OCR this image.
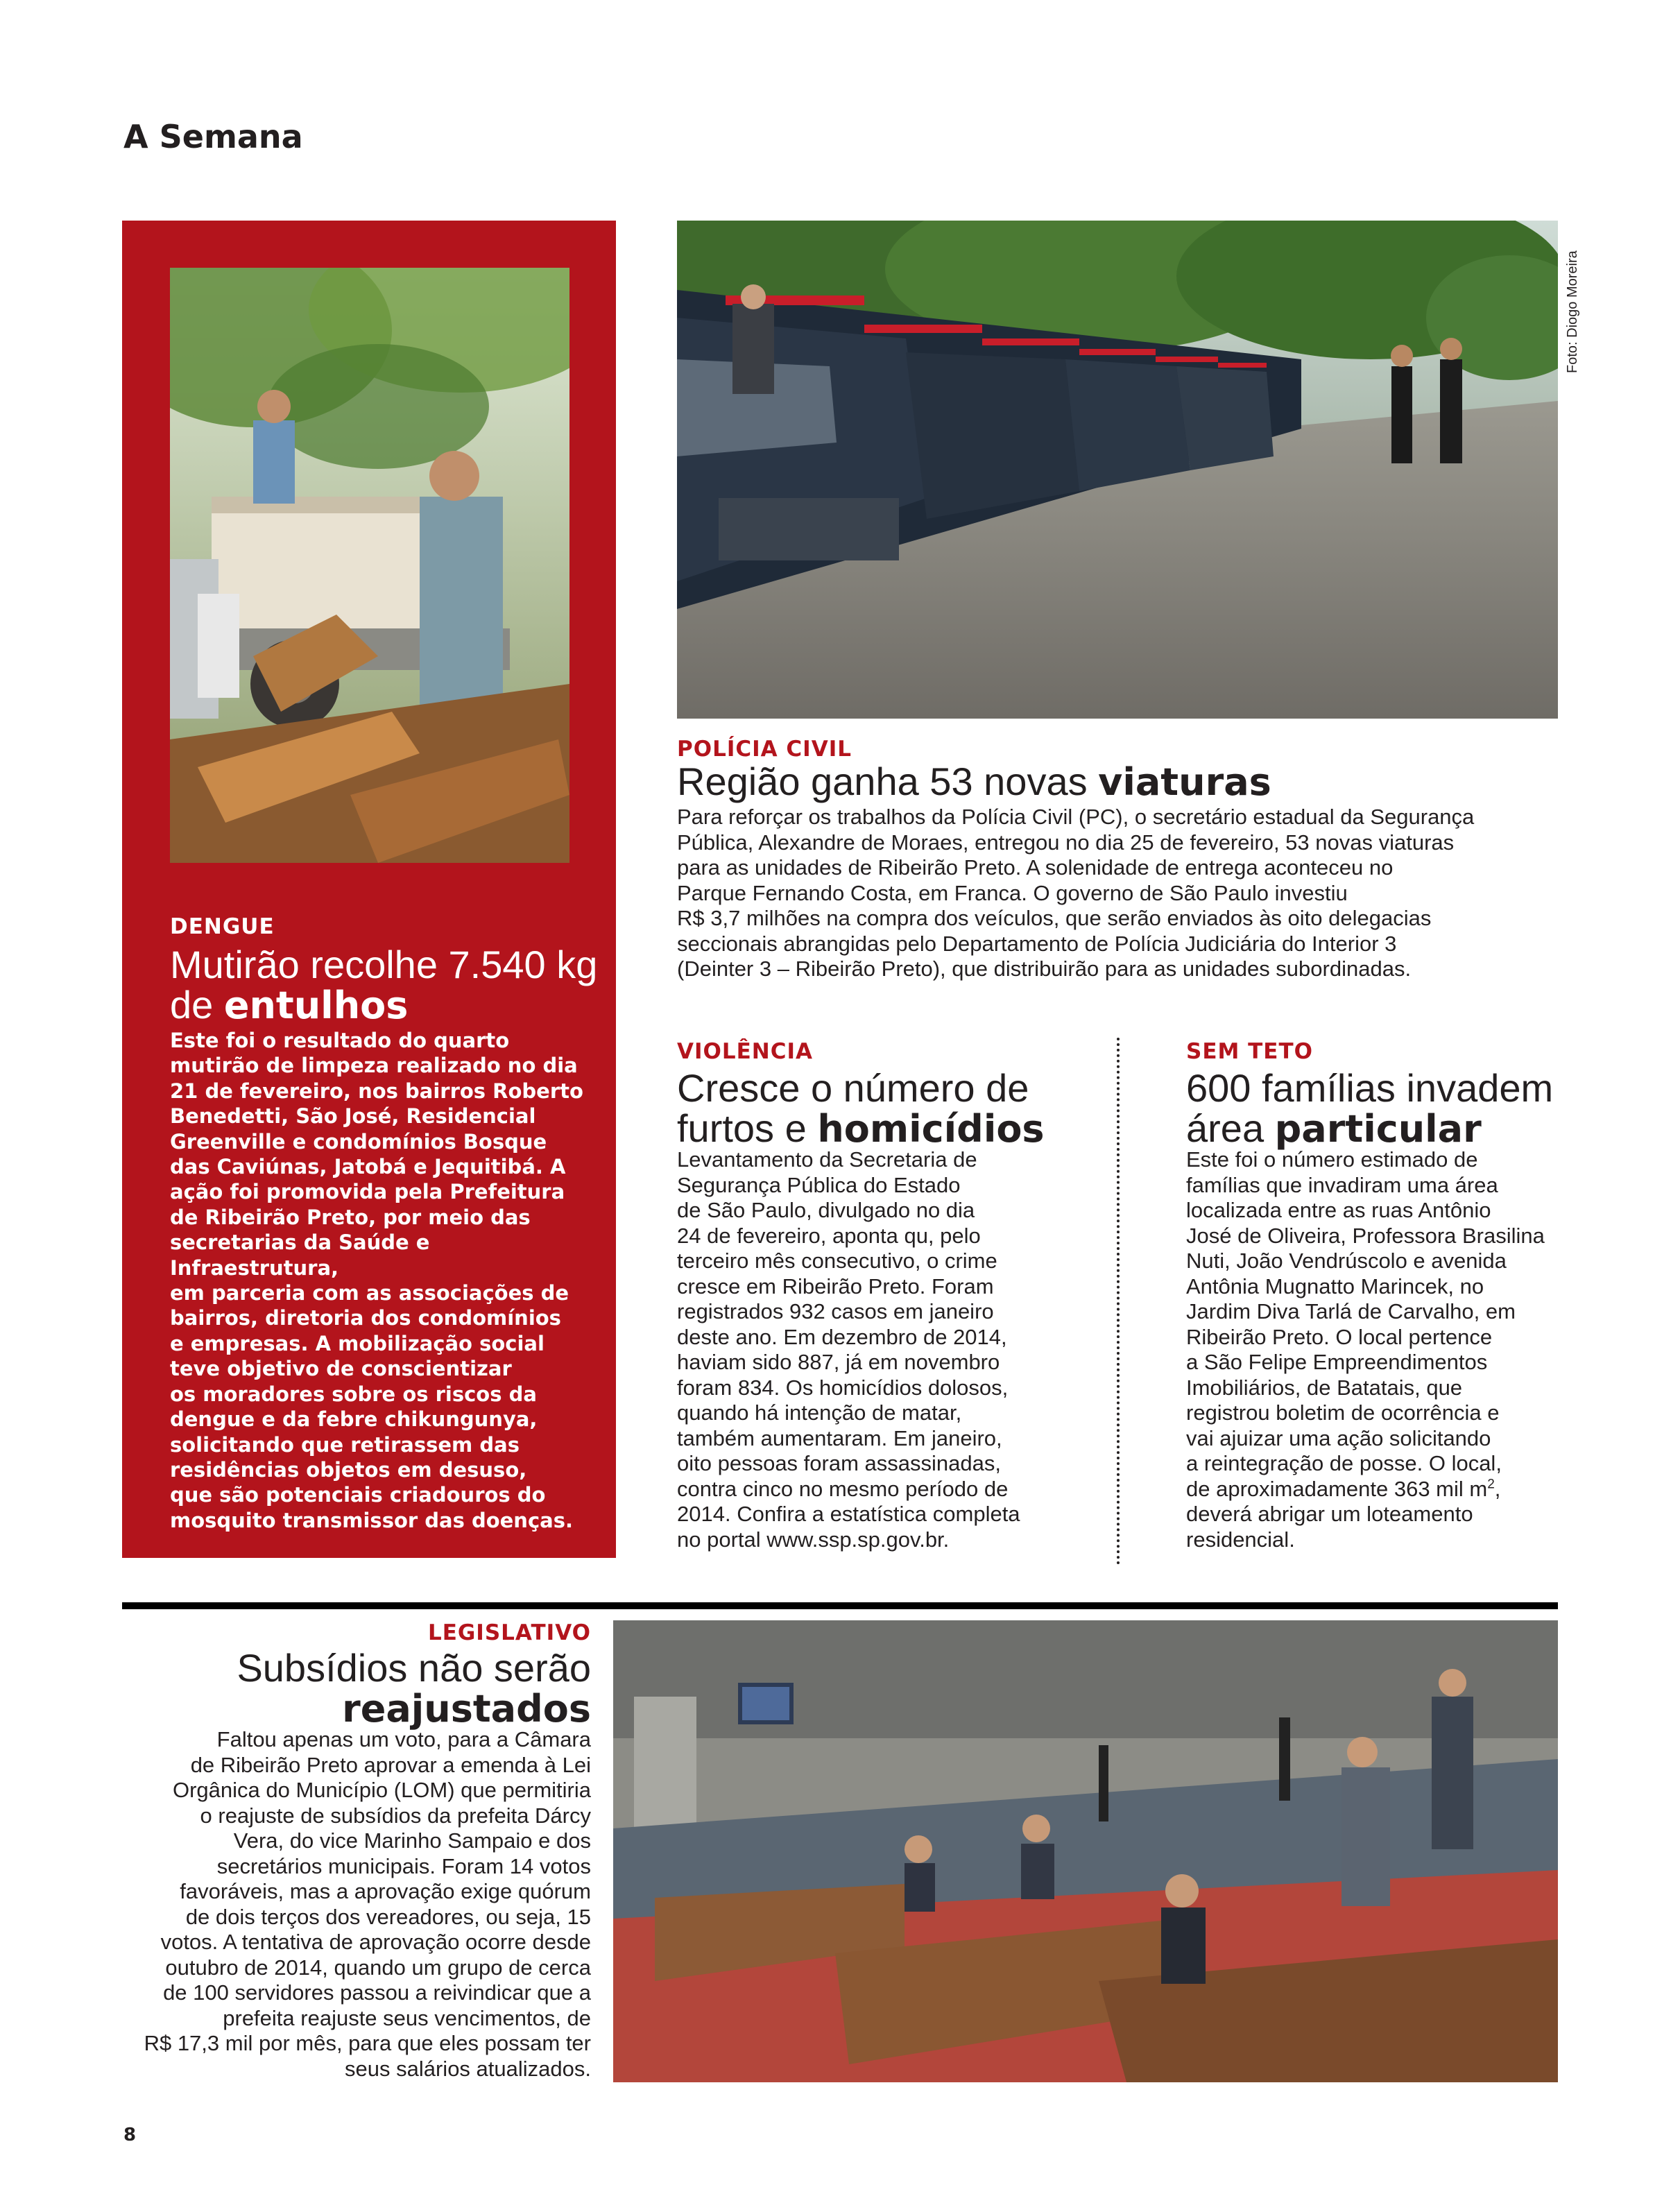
A Semana
DENGUE
Mutirão recolhe 7.540 kg
de entulhos

Este foi o resultado do quarto

mutirão de limpeza realizado no dia

21 de fevereiro, nos bairros Roberto

Benedetti, São José, Residencial

Greenville e condomínios Bosque

das Caviúnas, Jatobá e Jequitibá. A

ação foi promovida pela Prefeitura

de Ribeirão Preto, por meio das

secretarias da Saúde e Infraestrutura,

em parceria com as associações de

bairros, diretoria dos condomínios

e empresas. A mobilização social

teve objetivo de conscientizar

os moradores sobre os riscos da

dengue e da febre chikungunya,

solicitando que retirassem das

residências objetos em desuso,

que são potenciais criadouros do

mosquito transmissor das doenças.

Foto: Diogo Moreira
POLÍCIA CIVIL
Região ganha 53 novas viaturas

Para reforçar os trabalhos da Polícia Civil (PC), o secretário estadual da Segurança

Pública, Alexandre de Moraes, entregou no dia 25 de fevereiro, 53 novas viaturas

para as unidades de Ribeirão Preto. A solenidade de entrega aconteceu no

Parque Fernando Costa, em Franca. O governo de São Paulo investiu

R$ 3,7 milhões na compra dos veículos, que serão enviados às oito delegacias

seccionais abrangidas pelo Departamento de Polícia Judiciária do Interior 3

(Deinter 3 – Ribeirão Preto), que distribuirão para as unidades subordinadas.

VIOLÊNCIA
Cresce o número de
furtos e homicídios

Levantamento da Secretaria de

Segurança Pública do Estado

de São Paulo, divulgado no dia

24 de fevereiro, aponta qu, pelo

terceiro mês consecutivo, o crime

cresce em Ribeirão Preto. Foram

registrados 932 casos em janeiro

deste ano. Em dezembro de 2014,

haviam sido 887, já em novembro

foram 834. Os homicídios dolosos,

quando há intenção de matar,

também aumentaram. Em janeiro,

oito pessoas foram assassinadas,

contra cinco no mesmo período de

2014. Confira a estatística completa

no portal www.ssp.sp.gov.br.

SEM TETO
600 famílias invadem
área particular

Este foi o número estimado de

famílias que invadiram uma área

localizada entre as ruas Antônio

José de Oliveira, Professora Brasilina

Nuti, João Vendrúscolo e avenida

Antônia Mugnatto Marincek, no

Jardim Diva Tarlá de Carvalho, em

Ribeirão Preto. O local pertence

a São Felipe Empreendimentos

Imobiliários, de Batatais, que

registrou boletim de ocorrência e

vai ajuizar uma ação solicitando

a reintegração de posse. O local,

de aproximadamente 363 mil $m^2$,

deverá abrigar um loteamento

residencial.

LEGISLATIVO
Subsídios não serão
reajustados

Faltou apenas um voto, para a Câmara

de Ribeirão Preto aprovar a emenda à Lei

Orgânica do Município (LOM) que permitiria

o reajuste de subsídios da prefeita Dárcy

Vera, do vice Marinho Sampaio e dos

secretários municipais. Foram 14 votos

favoráveis, mas a aprovação exige quórum

de dois terços dos vereadores, ou seja, 15

votos. A tentativa de aprovação ocorre desde

outubro de 2014, quando um grupo de cerca

de 100 servidores passou a reivindicar que a

prefeita reajuste seus vencimentos, de

R$ 17,3 mil por mês, para que eles possam ter

seus salários atualizados.

8
